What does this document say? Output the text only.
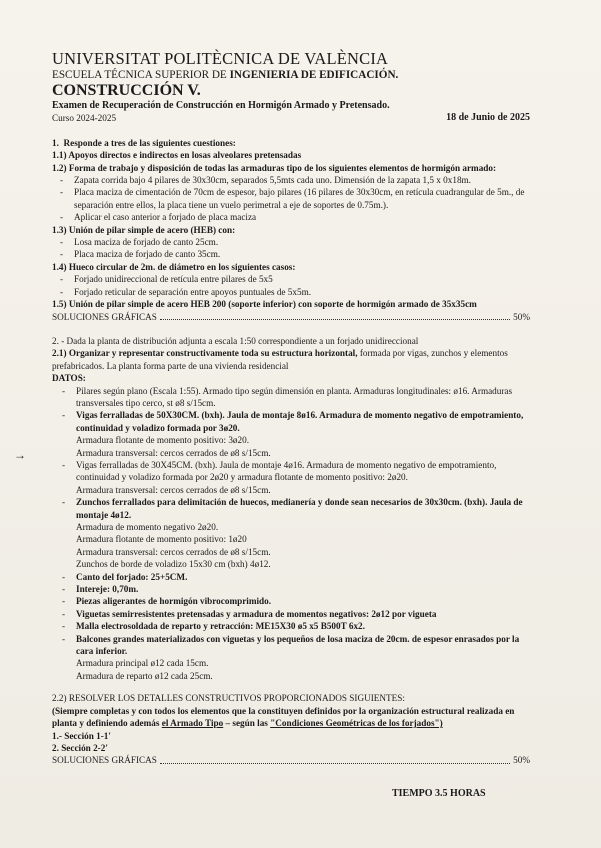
→
UNIVERSITAT POLITÈCNICA DE VALÈNCIA
ESCUELA TÉCNICA SUPERIOR DE INGENIERIA DE EDIFICACIÓN.
CONSTRUCCIÓN V.
Examen de Recuperación de Construcción en Hormigón Armado y Pretensado.
Curso 2024-2025	18 de Junio de 2025
1. Responde a tres de las siguientes cuestiones:
1.1) Apoyos directos e indirectos en losas alveolares pretensadas
1.2) Forma de trabajo y disposición de todas las armaduras tipo de los siguientes elementos de hormigón armado:
- Zapata corrida bajo 4 pilares de 30x30cm, separados 5,5mts cada uno. Dimensión de la zapata 1,5 x 0x18m.
- Placa maciza de cimentación de 70cm de espesor, bajo pilares (16 pilares de 30x30cm, en retícula cuadrangular de 5m., de separación entre ellos, la placa tiene un vuelo perimetral a eje de soportes de 0.75m.).
- Aplicar el caso anterior a forjado de placa maciza
1.3) Unión de pilar simple de acero (HEB) con:
- Losa maciza de forjado de canto 25cm.
- Placa maciza de forjado de canto 35cm.
1.4) Hueco circular de 2m. de diámetro en los siguientes casos:
- Forjado unidireccional de retícula entre pilares de 5x5
- Forjado reticular de separación entre apoyos puntuales de 5x5m.
1.5) Unión de pilar simple de acero HEB 200 (soporte inferior) con soporte de hormigón armado de 35x35cm
SOLUCIONES GRÁFICAS	50%
2. - Dada la planta de distribución adjunta a escala 1:50 correspondiente a un forjado unidireccional
2.1) Organizar y representar constructivamente toda su estructura horizontal, formada por vigas, zunchos y elementos prefabricados. La planta forma parte de una vivienda residencial
DATOS:
- Pilares según plano (Escala 1:55). Armado tipo según dimensión en planta. Armaduras longitudinales: ø16. Armaduras transversales tipo cerco, st ø8 s/15cm.
- Vigas ferralladas de 50X30CM. (bxh). Jaula de montaje 8ø16. Armadura de momento negativo de empotramiento, continuidad y voladizo formada por 3ø20.
Armadura flotante de momento positivo: 3ø20.
Armadura transversal: cercos cerrados de ø8 s/15cm.
- Vigas ferralladas de 30X45CM. (bxh). Jaula de montaje 4ø16. Armadura de momento negativo de empotramiento, continuidad y voladizo formada por 2ø20 y armadura flotante de momento positivo: 2ø20.
Armadura transversal: cercos cerrados de ø8 s/15cm.
- Zunchos ferrallados para delimitación de huecos, medianería y donde sean necesarios de 30x30cm. (bxh). Jaula de montaje 4ø12.
Armadura de momento negativo 2ø20.
Armadura flotante de momento positivo: 1ø20
Armadura transversal: cercos cerrados de ø8 s/15cm.
Zunchos de borde de voladizo 15x30 cm (bxh) 4ø12.
- Canto del forjado: 25+5CM.
- Intereje: 0,70m.
- Piezas aligerantes de hormigón vibrocomprimido.
- Viguetas semirresistentes pretensadas y armadura de momentos negativos: 2ø12 por vigueta
- Malla electrosoldada de reparto y retracción: ME15X30 ø5 x5 B500T 6x2.
- Balcones grandes materializados con viguetas y los pequeños de losa maciza de 20cm. de espesor enrasados por la cara inferior.
Armadura principal ø12 cada 15cm.
Armadura de reparto ø12 cada 25cm.
2.2) RESOLVER LOS DETALLES CONSTRUCTIVOS PROPORCIONADOS SIGUIENTES:
(Siempre completas y con todos los elementos que la constituyen definidos por la organización estructural realizada en planta y definiendo además el Armado Tipo – según las "Condiciones Geométricas de los forjados")
1.- Sección 1-1'
2. Sección 2-2'
SOLUCIONES GRÁFICAS	50%
TIEMPO 3.5 HORAS
